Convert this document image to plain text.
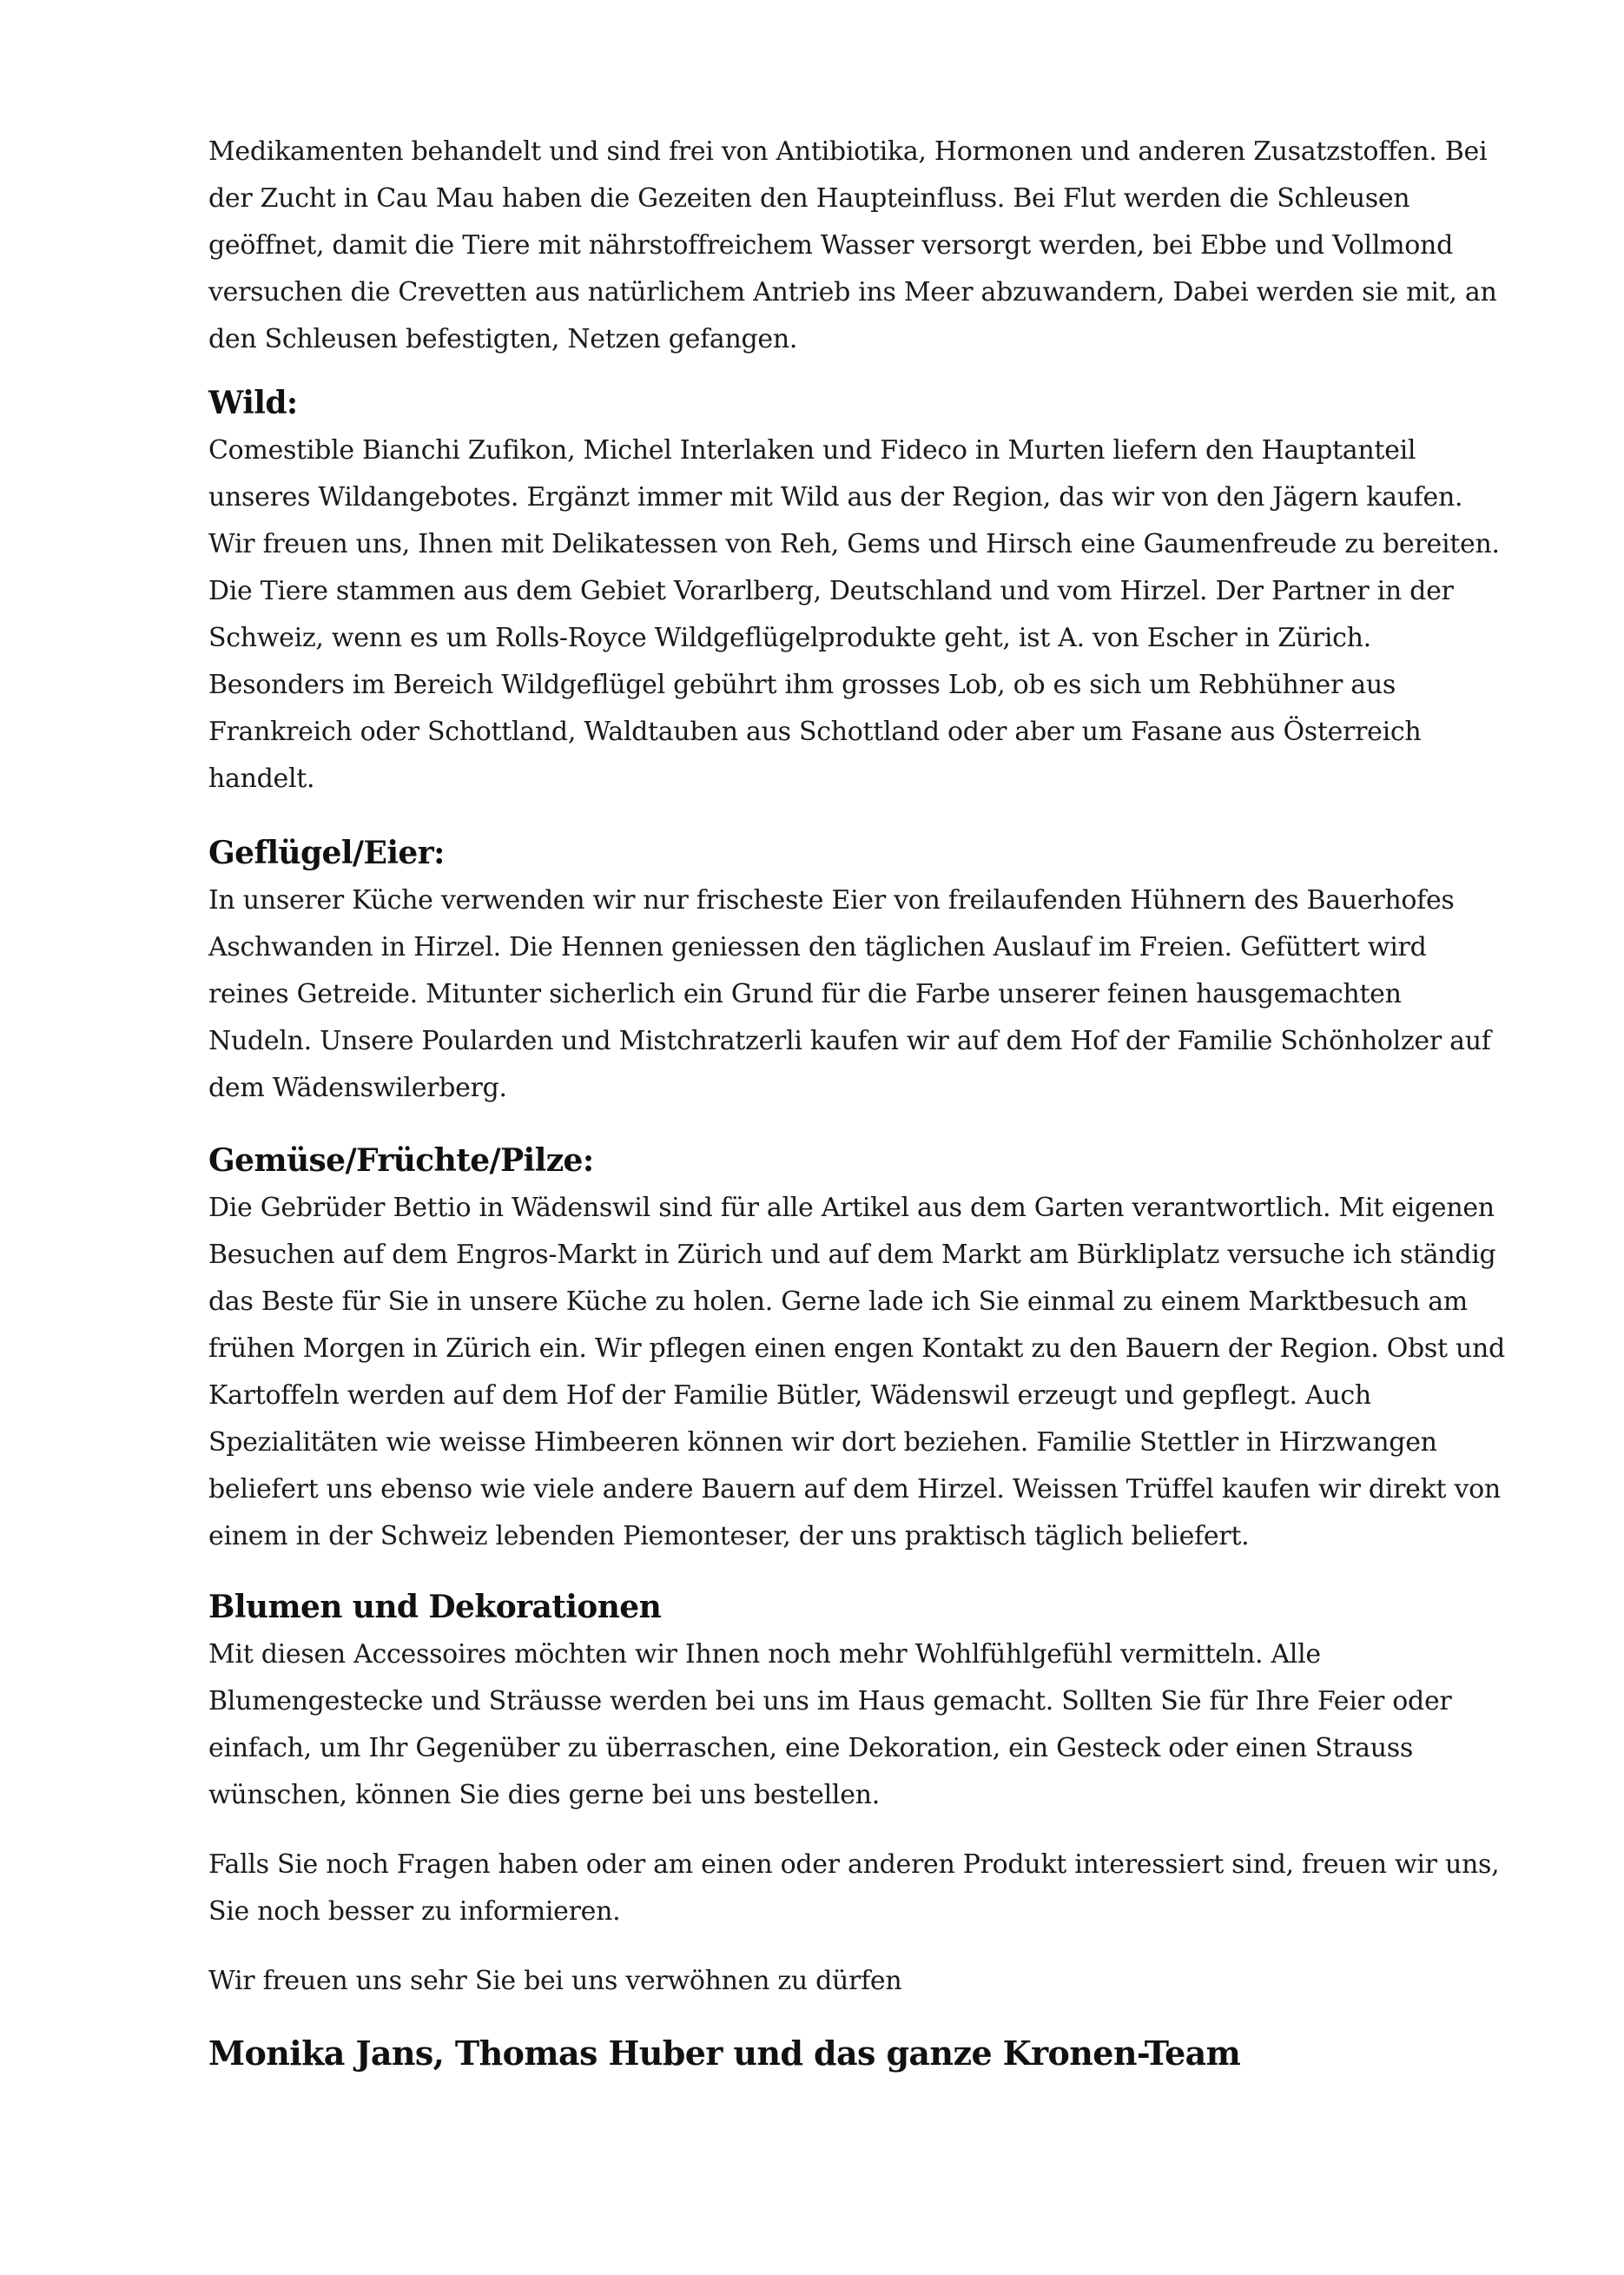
Medikamenten behandelt und sind frei von Antibiotika, Hormonen und anderen Zusatzstoffen. Bei der Zucht in Cau Mau haben die Gezeiten den Haupteinfluss. Bei Flut werden die Schleusen geöffnet, damit die Tiere mit nährstoffreichem Wasser versorgt werden, bei Ebbe und Vollmond versuchen die Crevetten aus natürlichem Antrieb ins Meer abzuwandern, Dabei werden sie mit, an den Schleusen befestigten, Netzen gefangen.

Wild:

Comestible Bianchi Zufikon, Michel Interlaken und Fideco in Murten liefern den Hauptanteil unseres Wildangebotes. Ergänzt immer mit Wild aus der Region, das wir von den Jägern kaufen. Wir freuen uns, Ihnen mit Delikatessen von Reh, Gems und Hirsch eine Gaumenfreude zu bereiten. Die Tiere stammen aus dem Gebiet Vorarlberg, Deutschland und vom Hirzel. Der Partner in der Schweiz, wenn es um Rolls-Royce Wildgeflügelprodukte geht, ist A. von Escher in Zürich. Besonders im Bereich Wildgeflügel gebührt ihm grosses Lob, ob es sich um Rebhühner aus Frankreich oder Schottland, Waldtauben aus Schottland oder aber um Fasane aus Österreich handelt.

Geflügel/Eier:

In unserer Küche verwenden wir nur frischeste Eier von freilaufenden Hühnern des Bauerhofes Aschwanden in Hirzel. Die Hennen geniessen den täglichen Auslauf im Freien. Gefüttert wird reines Getreide. Mitunter sicherlich ein Grund für die Farbe unserer feinen hausgemachten Nudeln. Unsere Poularden und Mistchratzerli kaufen wir auf dem Hof der Familie Schönholzer auf dem Wädenswilerberg.

Gemüse/Früchte/Pilze:

Die Gebrüder Bettio in Wädenswil sind für alle Artikel aus dem Garten verantwortlich. Mit eigenen Besuchen auf dem Engros-Markt in Zürich und auf dem Markt am Bürkliplatz versuche ich ständig das Beste für Sie in unsere Küche zu holen. Gerne lade ich Sie einmal zu einem Marktbesuch am frühen Morgen in Zürich ein. Wir pflegen einen engen Kontakt zu den Bauern der Region. Obst und Kartoffeln werden auf dem Hof der Familie Bütler, Wädenswil erzeugt und gepflegt. Auch Spezialitäten wie weisse Himbeeren können wir dort beziehen. Familie Stettler in Hirzwangen beliefert uns ebenso wie viele andere Bauern auf dem Hirzel. Weissen Trüffel kaufen wir direkt von einem in der Schweiz lebenden Piemonteser, der uns praktisch täglich beliefert.

Blumen und Dekorationen

Mit diesen Accessoires möchten wir Ihnen noch mehr Wohlfühlgefühl vermitteln. Alle Blumengestecke und Sträusse werden bei uns im Haus gemacht. Sollten Sie für Ihre Feier oder einfach, um Ihr Gegenüber zu überraschen, eine Dekoration, ein Gesteck oder einen Strauss wünschen, können Sie dies gerne bei uns bestellen.

Falls Sie noch Fragen haben oder am einen oder anderen Produkt interessiert sind, freuen wir uns, Sie noch besser zu informieren.

Wir freuen uns sehr Sie bei uns verwöhnen zu dürfen

Monika Jans, Thomas Huber und das ganze Kronen-Team
